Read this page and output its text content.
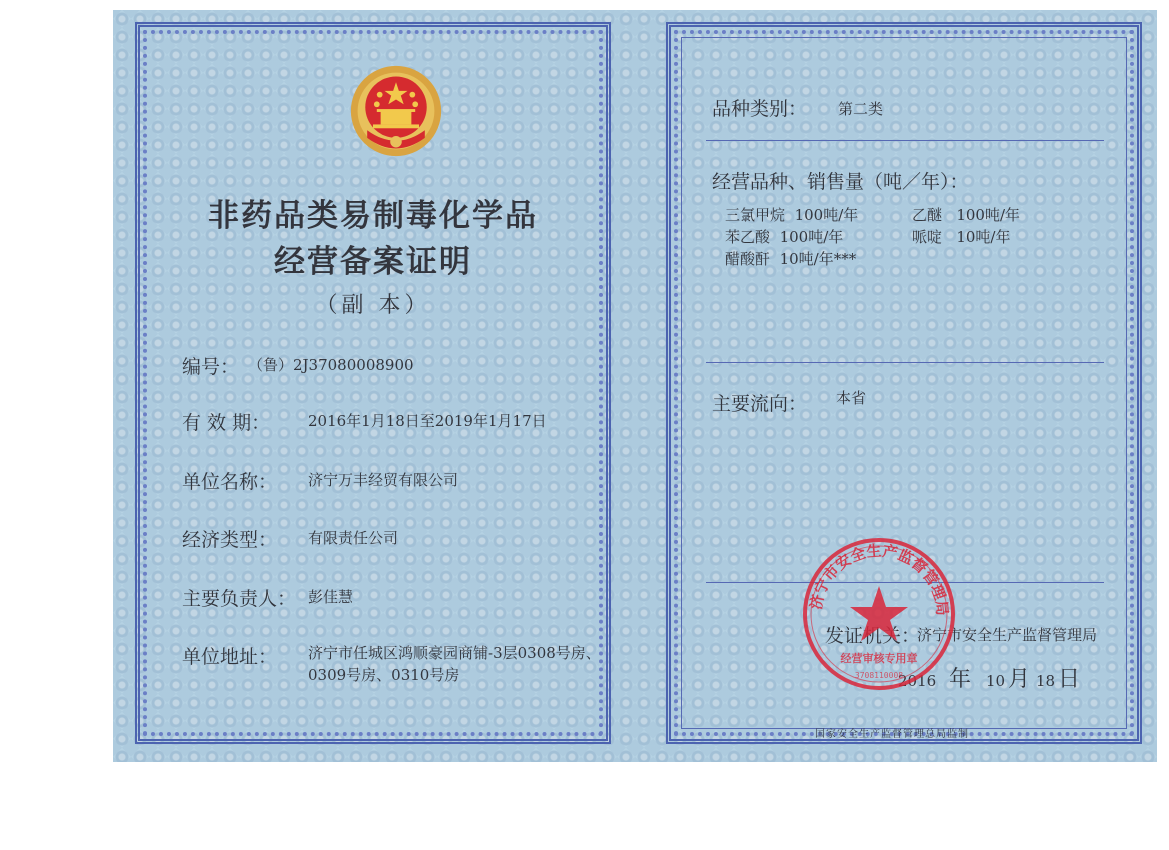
非药品类易制毒化学品
经营备案证明
（副 本）
编号： （鲁）2J37080008900
有 效 期：	2016年1月18日至2019年1月17日
单位名称： 济宁万丰经贸有限公司
经济类型： 有限责任公司
主要负责人： 彭佳慧
单位地址： 济宁市任城区鸿顺豪园商铺-3层0308号房、0309号房、0310号房
品种类别： 第二类
经营品种、销售量（吨／年）：
三氯甲烷 100吨/年	乙醚 100吨/年
苯乙酸 100吨/年	哌啶 10吨/年
醋酸酐 10吨/年***
主要流向： 本省
发证机关：
济宁市安全生产监督管理局
2016 年 10 月 18 日
济宁市安全生产监督管理局
经营审核专用章
3708110008
国家安全生产监督管理总局监制
